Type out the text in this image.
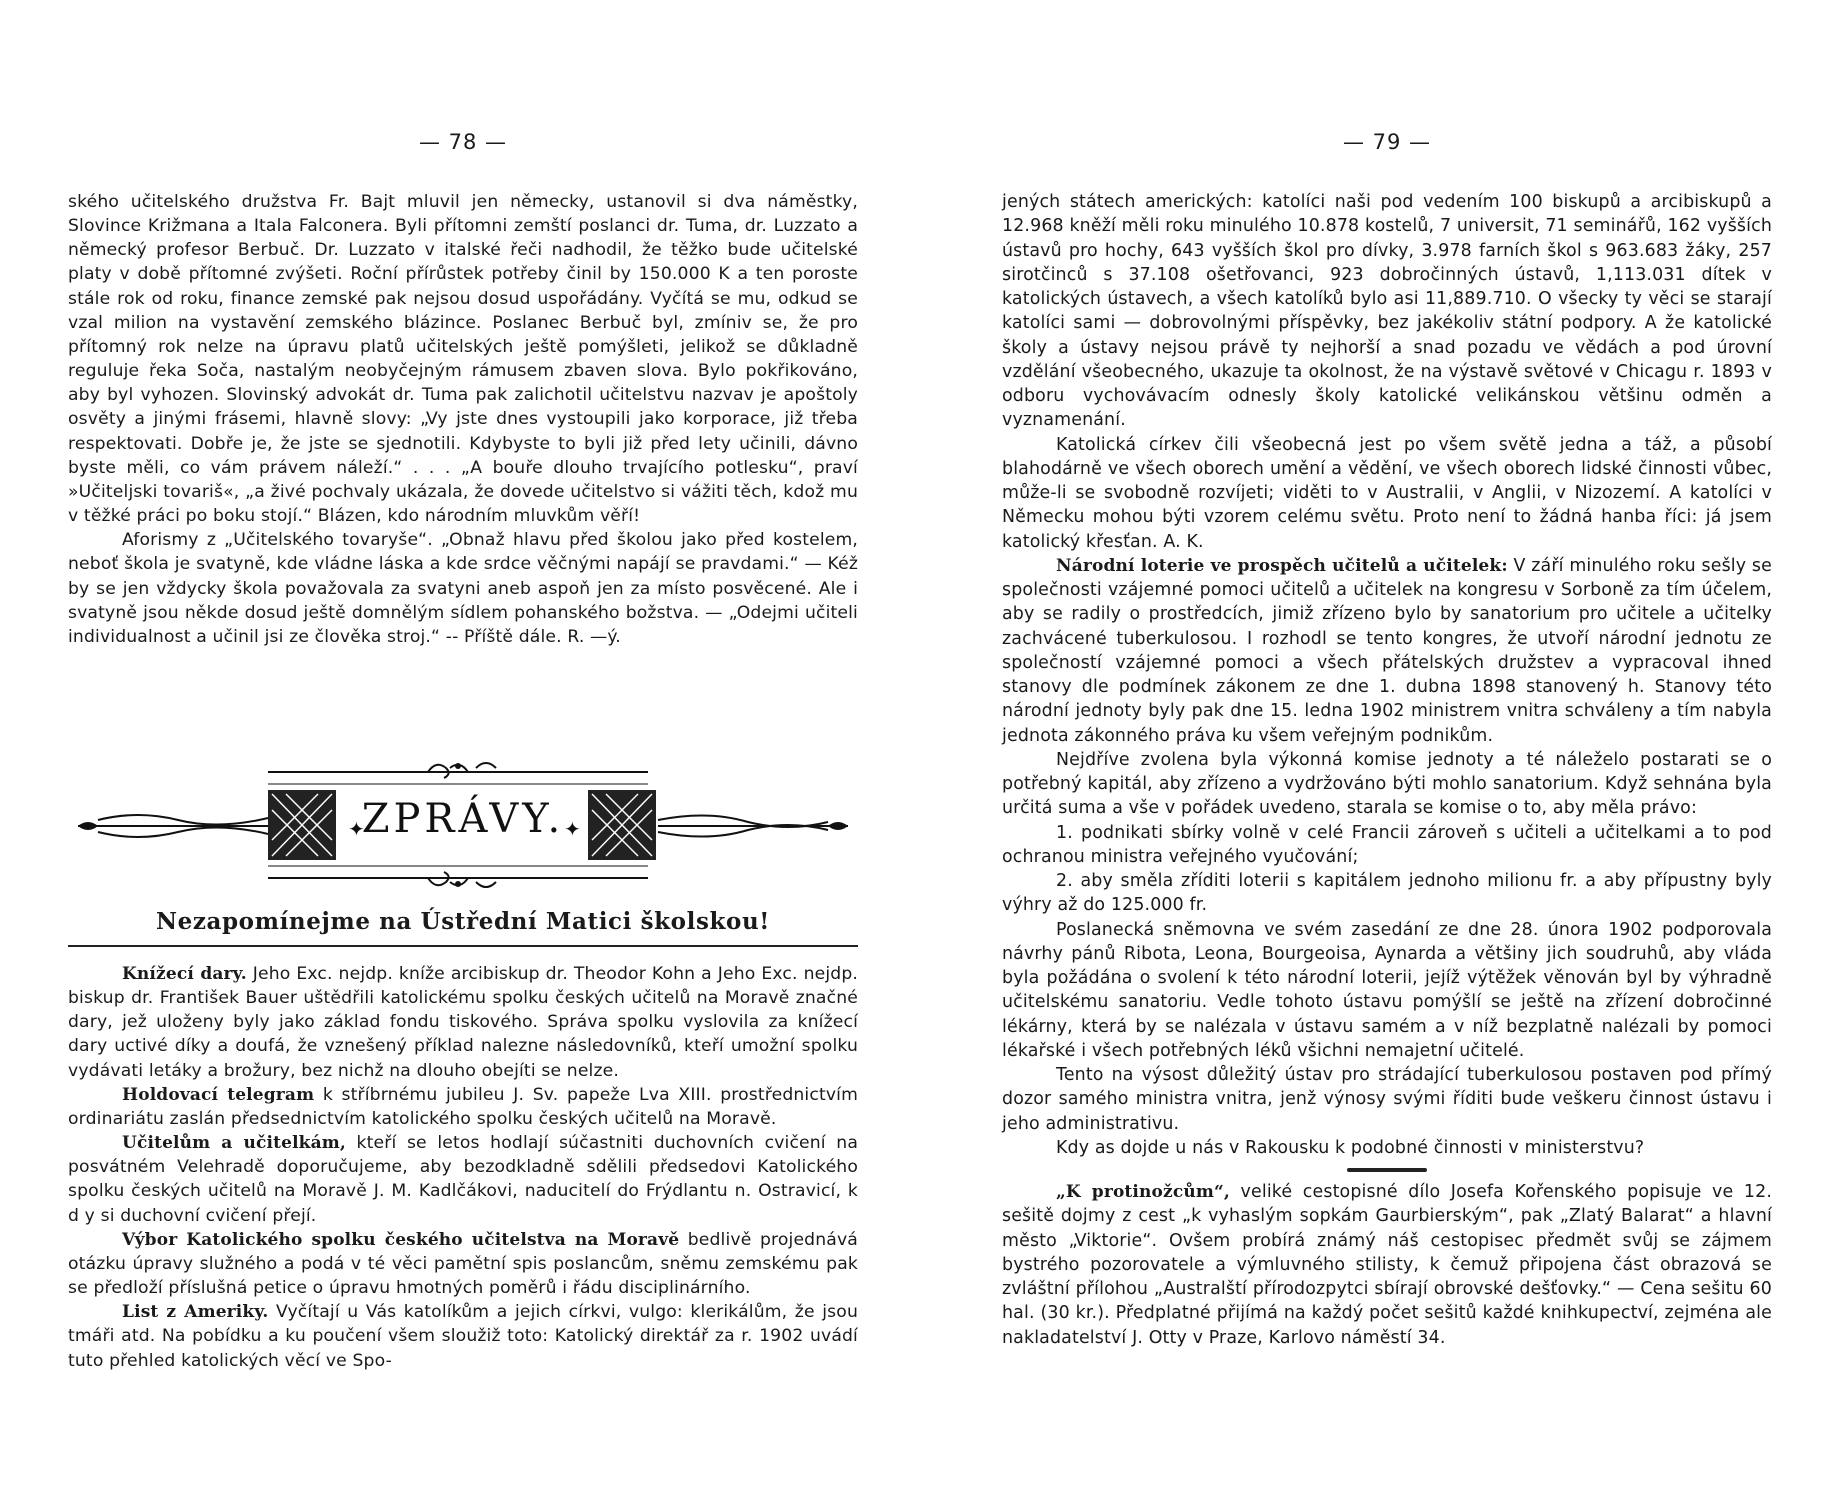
— 78 —

ského učitelského družstva Fr. Bajt mluvil jen německy, ustanovil si dva náměstky, Slovince Križmana a Itala Falconera. Byli přítomni zemští poslanci dr. Tuma, dr. Luzzato a německý profesor Berbuč. Dr. Luzzato v italské řeči nadhodil, že těžko bude učitelské platy v době přítomné zvýšeti. Roční přírůstek potřeby činil by 150.000 K a ten poroste stále rok od roku, finance zemské pak nejsou dosud uspořádány. Vyčítá se mu, odkud se vzal milion na vystavění zemského blázince. Poslanec Berbuč byl, zmíniv se, že pro přítomný rok nelze na úpravu platů učitelských ještě pomýšleti, jelikož se důkladně reguluje řeka Soča, nastalým neobyčejným rámusem zbaven slova. Bylo pokřikováno, aby byl vyhozen. Slovinský advokát dr. Tuma pak zalichotil učitelstvu nazvav je apoštoly osvěty a jinými frásemi, hlavně slovy: „Vy jste dnes vystoupili jako korporace, již třeba respektovati. Dobře je, že jste se sjednotili. Kdybyste to byli již před lety učinili, dávno byste měli, co vám právem náleží.“ . . . „A bouře dlouho trvajícího potlesku“, praví »Učiteljski tovariš«, „a živé pochvaly ukázala, že dovede učitelstvo si vážiti těch, kdož mu v těžké práci po boku stojí.“ Blázen, kdo národním mluvkům věří!

Aforismy z „Učitelského tovaryše“. „Obnaž hlavu před školou jako před kostelem, neboť škola je svatyně, kde vládne láska a kde srdce věčnými napájí se pravdami.“ — Kéž by se jen vždycky škola považovala za svatyni aneb aspoň jen za místo posvěcené. Ale i svatyně jsou někde dosud ještě domnělým sídlem pohanského božstva. — „Odejmi učiteli individualnost a učinil jsi ze člověka stroj.“ -- Příště dále. R. —ý.

✦	✦
ZPRÁVY.
Nezapomínejme na Ústřední Matici školskou!

Knížecí dary. Jeho Exc. nejdp. kníže arcibiskup dr. Theodor Kohn a Jeho Exc. nejdp. biskup dr. František Bauer uštědřili katolickému spolku českých učitelů na Moravě značné dary, jež uloženy byly jako základ fondu tiskového. Správa spolku vyslovila za knížecí dary uctivé díky a doufá, že vznešený příklad nalezne následovníků, kteří umožní spolku vydávati letáky a brožury, bez nichž na dlouho obejíti se nelze.

Holdovací telegram k stříbrnému jubileu J. Sv. papeže Lva XIII. prostřednictvím ordinariátu zaslán předsednictvím katolického spolku českých učitelů na Moravě.

Učitelům a učitelkám, kteří se letos hodlají súčastniti duchovních cvičení na posvátném Velehradě doporučujeme, aby bezodkladně sdělili předsedovi Katolického spolku českých učitelů na Moravě J. M. Kadlčákovi, naducitelí do Frýdlantu n. Ostravicí, k d y si duchovní cvičení přejí.

Výbor Katolického spolku českého učitelstva na Moravě bedlivě projednává otázku úpravy služného a podá v té věci pamětní spis poslancům, sněmu zemskému pak se předloží příslušná petice o úpravu hmotných poměrů i řádu disciplinárního.

List z Ameriky. Vyčítají u Vás katolíkům a jejich církvi, vulgo: klerikálům, že jsou tmáři atd. Na pobídku a ku poučení všem sloužiž toto: Katolický direktář za r. 1902 uvádí tuto přehled katolických věcí ve Spo-

— 79 —

jených státech amerických: katolíci naši pod vedením 100 biskupů a arcibiskupů a 12.968 kněží měli roku minulého 10.878 kostelů, 7 universit, 71 seminářů, 162 vyšších ústavů pro hochy, 643 vyšších škol pro dívky, 3.978 farních škol s 963.683 žáky, 257 sirotčinců s 37.108 ošetřovanci, 923 dobročinných ústavů, 1,113.031 dítek v katolických ústavech, a všech katolíků bylo asi 11,889.710. O všecky ty věci se starají katolíci sami — dobrovolnými příspěvky, bez jakékoliv státní podpory. A že katolické školy a ústavy nejsou právě ty nejhorší a snad pozadu ve vědách a pod úrovní vzdělání všeobecného, ukazuje ta okolnost, že na výstavě světové v Chicagu r. 1893 v odboru vychovávacím odnesly školy katolické velikánskou většinu odměn a vyznamenání.

Katolická církev čili všeobecná jest po všem světě jedna a táž, a působí blahodárně ve všech oborech umění a vědění, ve všech oborech lidské činnosti vůbec, může-li se svobodně rozvíjeti; viděti to v Australii, v Anglii, v Nizozemí. A katolíci v Německu mohou býti vzorem celému světu. Proto není to žádná hanba říci: já jsem katolický křesťan. A. K.

Národní loterie ve prospěch učitelů a učitelek: V září minulého roku sešly se společnosti vzájemné pomoci učitelů a učitelek na kongresu v Sorboně za tím účelem, aby se radily o prostředcích, jimiž zřízeno bylo by sanatorium pro učitele a učitelky zachvácené tuberkulosou. I rozhodl se tento kongres, že utvoří národní jednotu ze společností vzájemné pomoci a všech přátelských družstev a vypracoval ihned stanovy dle podmínek zákonem ze dne 1. dubna 1898 stanovený h. Stanovy této národní jednoty byly pak dne 15. ledna 1902 ministrem vnitra schváleny a tím nabyla jednota zákonného práva ku všem veřejným podnikům.

Nejdříve zvolena byla výkonná komise jednoty a té náleželo postarati se o potřebný kapitál, aby zřízeno a vydržováno býti mohlo sanatorium. Když sehnána byla určitá suma a vše v pořádek uvedeno, starala se komise o to, aby měla právo:

1. podnikati sbírky volně v celé Francii zároveň s učiteli a učitelkami a to pod ochranou ministra veřejného vyučování;

2. aby směla zříditi loterii s kapitálem jednoho milionu fr. a aby přípustny byly výhry až do 125.000 fr.

Poslanecká sněmovna ve svém zasedání ze dne 28. února 1902 podporovala návrhy pánů Ribota, Leona, Bourgeoisa, Aynarda a většiny jich soudruhů, aby vláda byla požádána o svolení k této národní loterii, jejíž výtěžek věnován byl by výhradně učitelskému sanatoriu. Vedle tohoto ústavu pomýšlí se ještě na zřízení dobročinné lékárny, která by se nalézala v ústavu samém a v níž bezplatně nalézali by pomoci lékařské i všech potřebných léků všichni nemajetní učitelé.

Tento na výsost důležitý ústav pro strádající tuberkulosou postaven pod přímý dozor samého ministra vnitra, jenž výnosy svými říditi bude veškeru činnost ústavu i jeho administrativu.

Kdy as dojde u nás v Rakousku k podobné činnosti v ministerstvu?

„K protinožcům“, veliké cestopisné dílo Josefa Kořenského popisuje ve 12. sešitě dojmy z cest „k vyhaslým sopkám Gaurbierským“, pak „Zlatý Balarat“ a hlavní město „Viktorie“. Ovšem probírá známý náš cestopisec předmět svůj se zájmem bystrého pozorovatele a výmluvného stilisty, k čemuž připojena část obrazová se zvláštní přílohou „Australští přírodozpytci sbírají obrovské dešťovky.“ — Cena sešitu 60 hal. (30 kr.). Předplatné přijímá na každý počet sešitů každé knihkupectví, zejména ale nakladatelství J. Otty v Praze, Karlovo náměstí 34.
